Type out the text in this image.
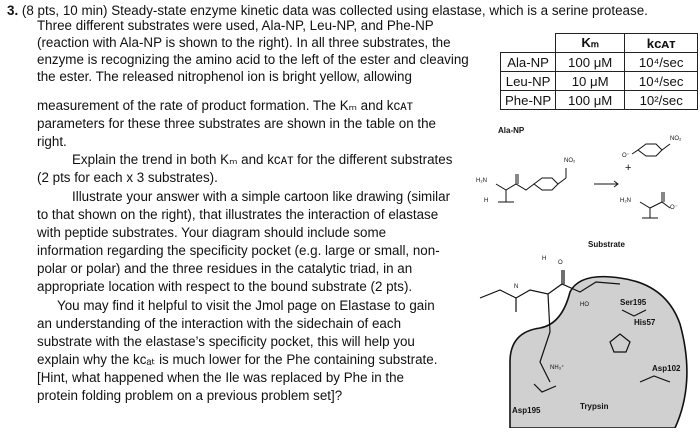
3. (8 pts, 10 min) Steady-state enzyme kinetic data was collected using elastase, which is a serine protease.
Three different substrates were used, Ala-NP, Leu-NP, and Phe-NP
(reaction with Ala-NP is shown to the right). In all three substrates, the
enzyme is recognizing the amino acid to the left of the ester and cleaving
the ester. The released nitrophenol ion is bright yellow, allowing
measurement of the rate of product formation. The Kₘ and kᴄᴀᴛ
parameters for these three substrates are shown in the table on the
right.
Explain the trend in both Kₘ and kᴄᴀᴛ for the different substrates
(2 pts for each x 3 substrates).
Illustrate your answer with a simple cartoon like drawing (similar
to that shown on the right), that illustrates the interaction of elastase
with peptide substrates. Your diagram should include some
information regarding the specificity pocket (e.g. large or small, non-
polar or polar) and the three residues in the catalytic triad, in an
appropriate location with respect to the bound substrate (2 pts).
You may find it helpful to visit the Jmol page on Elastase to gain
an understanding of the interaction with the sidechain of each
substrate with the elastase’s specificity pocket, this will help you
explain why the kᴄₐₜ is much lower for the Phe containing substrate.
[Hint, what happened when the Ile was replaced by Phe in the
protein folding problem on a previous problem set]?
	Kₘ	kᴄᴀᴛ
Ala-NP	100 μM	10⁴/sec
Leu-NP	10 μM	10⁴/sec
Phe-NP	100 μM	10²/sec
Ala-NP
H₂N
H
NO₂
+
NO₂
O⁻
H₂N
O⁻
Substrate
HO	Ser195
His57
Asp102
NH₃⁺
Asp195	Trypsin
H
O
N
